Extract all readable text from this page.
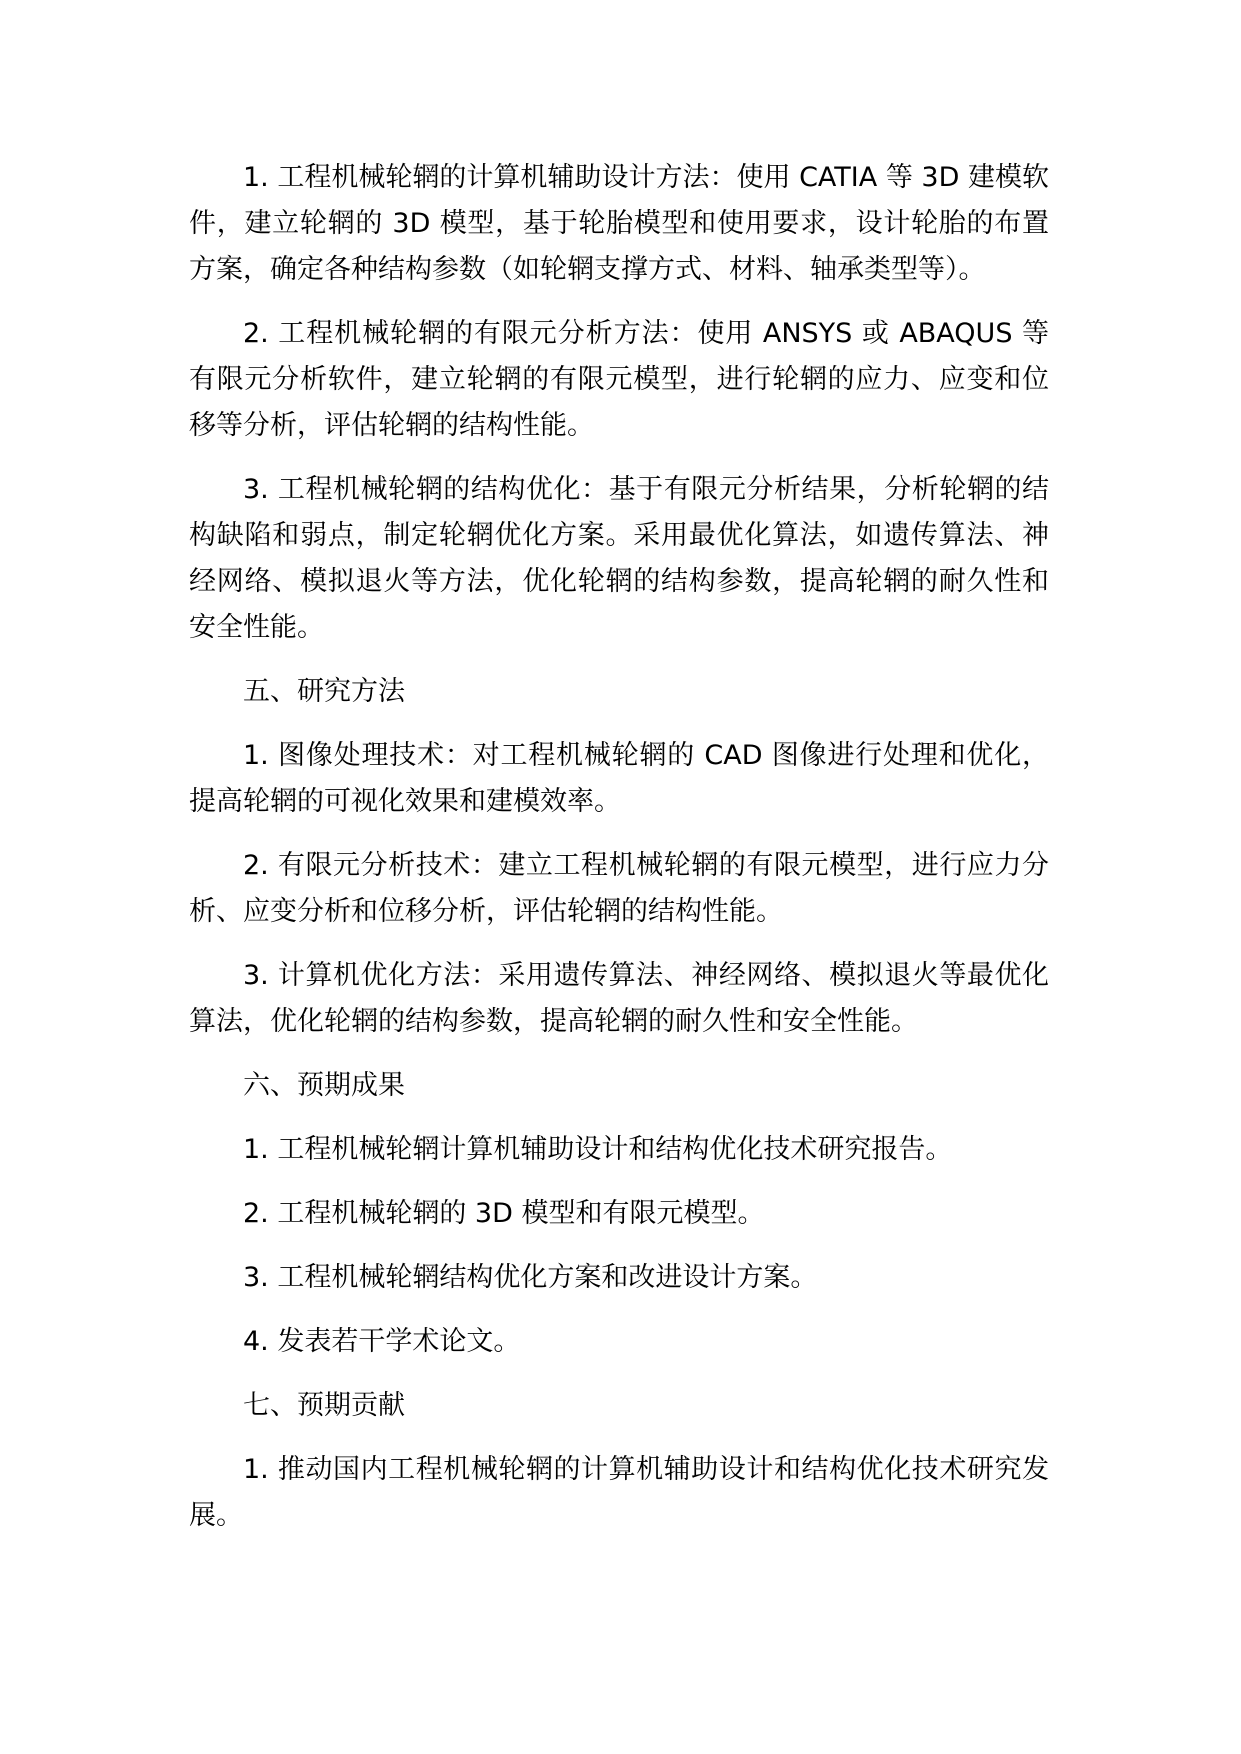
1. 工程机械轮辋的计算机辅助设计方法：使用 CATIA 等 3D 建模软件，建立轮辋的 3D 模型，基于轮胎模型和使用要求，设计轮胎的布置方案，确定各种结构参数（如轮辋支撑方式、材料、轴承类型等）。

2. 工程机械轮辋的有限元分析方法：使用 ANSYS 或 ABAQUS 等有限元分析软件，建立轮辋的有限元模型，进行轮辋的应力、应变和位移等分析，评估轮辋的结构性能。

3. 工程机械轮辋的结构优化：基于有限元分析结果，分析轮辋的结构缺陷和弱点，制定轮辋优化方案。采用最优化算法，如遗传算法、神经网络、模拟退火等方法，优化轮辋的结构参数，提高轮辋的耐久性和安全性能。

五、研究方法

1. 图像处理技术：对工程机械轮辋的 CAD 图像进行处理和优化，提高轮辋的可视化效果和建模效率。

2. 有限元分析技术：建立工程机械轮辋的有限元模型，进行应力分析、应变分析和位移分析，评估轮辋的结构性能。

3. 计算机优化方法：采用遗传算法、神经网络、模拟退火等最优化算法，优化轮辋的结构参数，提高轮辋的耐久性和安全性能。

六、预期成果

1. 工程机械轮辋计算机辅助设计和结构优化技术研究报告。

2. 工程机械轮辋的 3D 模型和有限元模型。

3. 工程机械轮辋结构优化方案和改进设计方案。

4. 发表若干学术论文。

七、预期贡献

1. 推动国内工程机械轮辋的计算机辅助设计和结构优化技术研究发展。
